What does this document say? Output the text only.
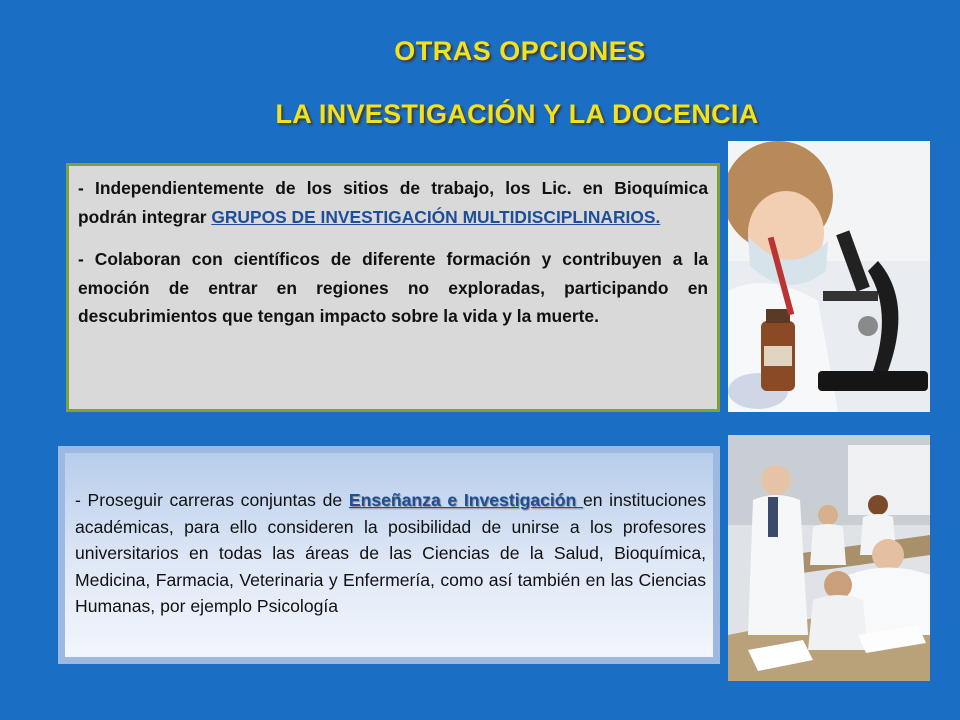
OTRAS OPCIONES
LA INVESTIGACIÓN Y LA DOCENCIA

- Independientemente de los sitios de trabajo, los Lic. en Bioquímica podrán integrar GRUPOS DE INVESTIGACIÓN MULTIDISCIPLINARIOS.

- Colaboran con científicos de diferente formación y contribuyen a la emoción de entrar en regiones no exploradas, participando en descubrimientos que tengan impacto sobre la vida y la muerte.

- Proseguir carreras conjuntas de Enseñanza e Investigación en instituciones académicas, para ello consideren la posibilidad de unirse a los profesores universitarios en todas las áreas de las Ciencias de la Salud, Bioquímica, Medicina, Farmacia, Veterinaria y Enfermería, como así también en las Ciencias Humanas, por ejemplo Psicología
